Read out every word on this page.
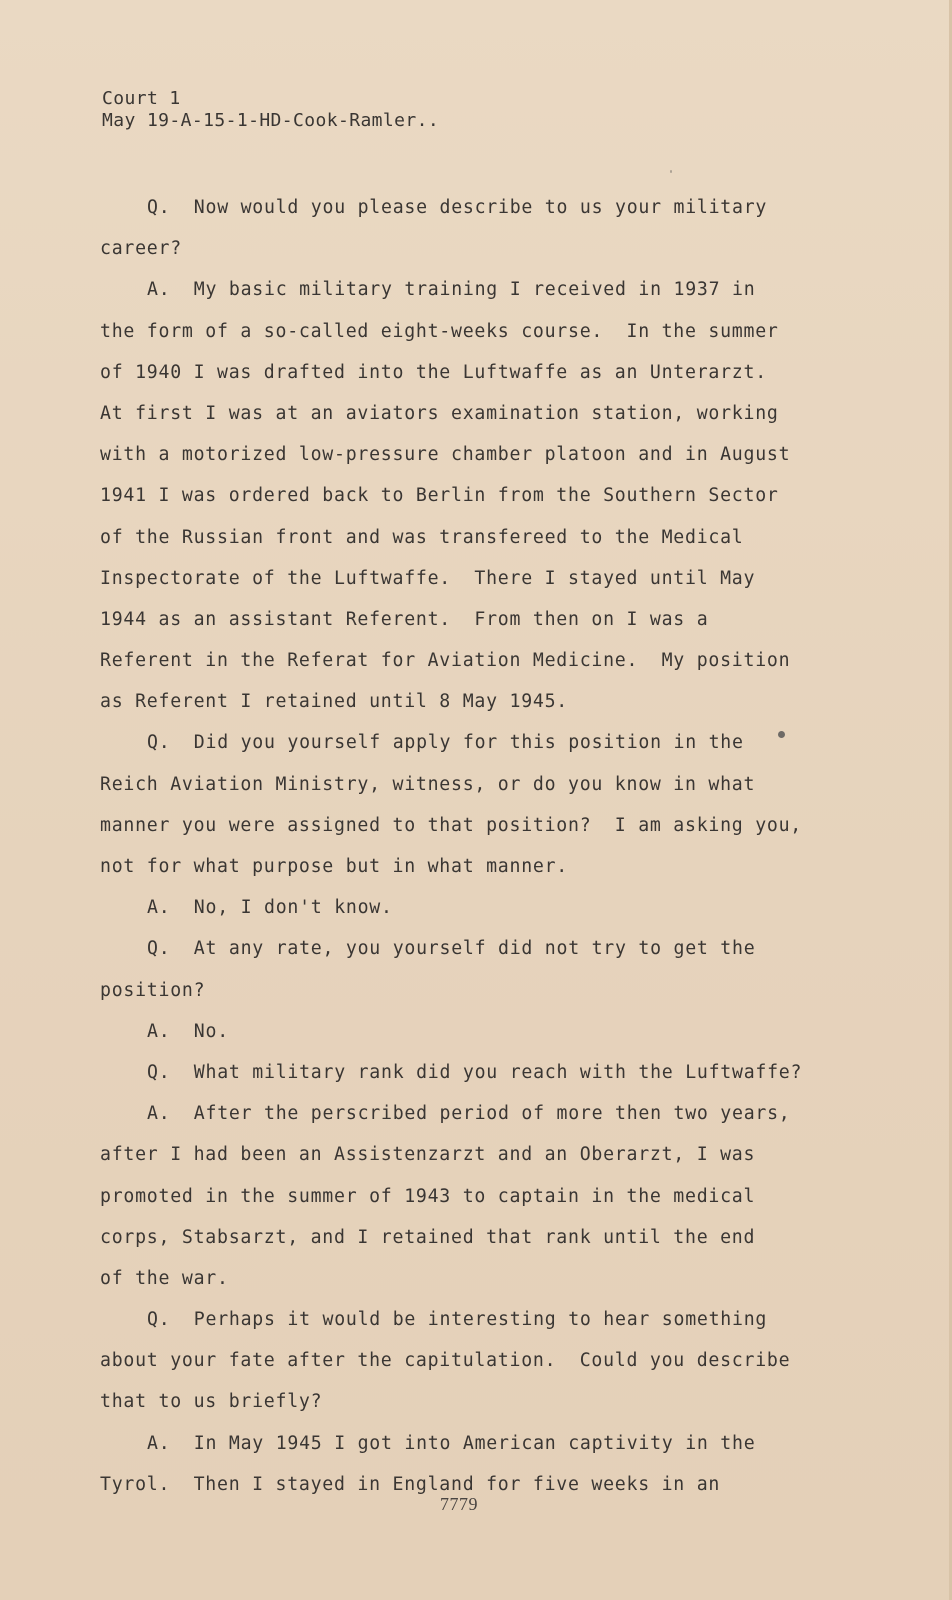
Court 1
May 19-A-15-1-HD-Cook-Ramler..
Q.  Now would you please describe to us your military
career?
A.  My basic military training I received in 1937 in
the form of a so-called eight-weeks course.  In the summer
of 1940 I was drafted into the Luftwaffe as an Unterarzt.
At first I was at an aviators examination station, working
with a motorized low-pressure chamber platoon and in August
1941 I was ordered back to Berlin from the Southern Sector
of the Russian front and was transfereed to the Medical
Inspectorate of the Luftwaffe.  There I stayed until May
1944 as an assistant Referent.  From then on I was a
Referent in the Referat for Aviation Medicine.  My position
as Referent I retained until 8 May 1945.
Q.  Did you yourself apply for this position in the
Reich Aviation Ministry, witness, or do you know in what
manner you were assigned to that position?  I am asking you,
not for what purpose but in what manner.
A.  No, I don't know.
Q.  At any rate, you yourself did not try to get the
position?
A.  No.
Q.  What military rank did you reach with the Luftwaffe?
A.  After the perscribed period of more then two years,
after I had been an Assistenzarzt and an Oberarzt, I was
promoted in the summer of 1943 to captain in the medical
corps, Stabsarzt, and I retained that rank until the end
of the war.
Q.  Perhaps it would be interesting to hear something
about your fate after the capitulation.  Could you describe
that to us briefly?
A.  In May 1945 I got into American captivity in the
Tyrol.  Then I stayed in England for five weeks in an
7779
